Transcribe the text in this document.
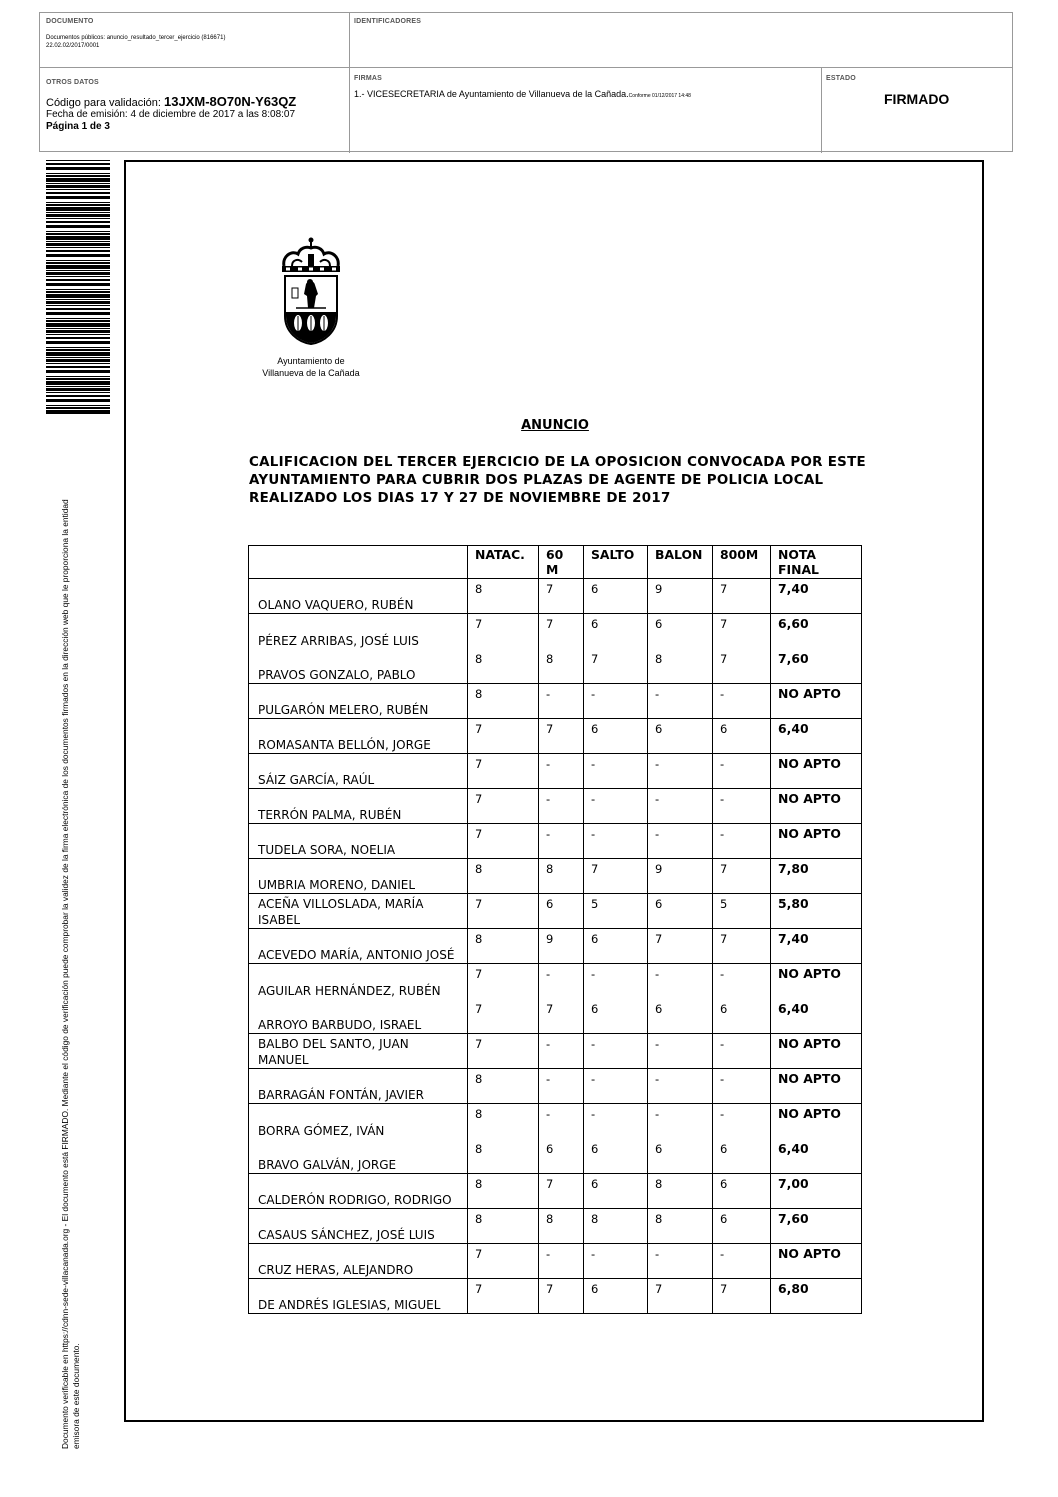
DOCUMENTO
Documentos públicos: anuncio_resultado_tercer_ejercicio (816671)
22.02.02/2017/0001
IDENTIFICADORES
OTROS DATOS
Código para validación: 13JXM-8O70N-Y63QZ
Fecha de emisión: 4 de diciembre de 2017 a las 8:08:07
Página 1 de 3
FIRMAS
1.- VICESECRETARIA de Ayuntamiento de Villanueva de la Cañada.Conforme 01/12/2017 14:48
ESTADO
FIRMADO
Documento verificable en https://cdnn-sede-villacanada.org - El documento está FIRMADO. Mediante el código de verificación puede comprobar la validez de la firma electrónica de los documentos firmados en la dirección web que le proporciona la entidad emisora de este documento.
Ayuntamiento de
Villanueva de la Cañada
ANUNCIO
CALIFICACION DEL TERCER EJERCICIO DE LA OPOSICION CONVOCADA POR ESTE AYUNTAMIENTO PARA CUBRIR DOS PLAZAS DE AGENTE DE POLICIA LOCAL REALIZADO LOS DIAS 17 Y 27 DE NOVIEMBRE DE 2017
	NATAC.	60 M	SALTO	BALON	800M	NOTA FINAL
OLANO VAQUERO, RUBÉN	8	7	6	9	7	7,40
PÉREZ ARRIBAS, JOSÉ LUIS	7	7	6	6	7	6,60
PRAVOS GONZALO, PABLO	8	8	7	8	7	7,60
PULGARÓN MELERO, RUBÉN	8	-	-	-	-	NO APTO
ROMASANTA BELLÓN, JORGE	7	7	6	6	6	6,40
SÁIZ GARCÍA, RAÚL	7	-	-	-	-	NO APTO
TERRÓN PALMA, RUBÉN	7	-	-	-	-	NO APTO
TUDELA SORA, NOELIA	7	-	-	-	-	NO APTO
UMBRIA MORENO, DANIEL	8	8	7	9	7	7,80
ACEÑA VILLOSLADA, MARÍA ISABEL	7	6	5	6	5	5,80
ACEVEDO MARÍA, ANTONIO JOSÉ	8	9	6	7	7	7,40
AGUILAR HERNÁNDEZ, RUBÉN	7	-	-	-	-	NO APTO
ARROYO BARBUDO, ISRAEL	7	7	6	6	6	6,40
BALBO DEL SANTO, JUAN MANUEL	7	-	-	-	-	NO APTO
BARRAGÁN FONTÁN, JAVIER	8	-	-	-	-	NO APTO
BORRA GÓMEZ, IVÁN	8	-	-	-	-	NO APTO
BRAVO GALVÁN, JORGE	8	6	6	6	6	6,40
CALDERÓN RODRIGO, RODRIGO	8	7	6	8	6	7,00
CASAUS SÁNCHEZ, JOSÉ LUIS	8	8	8	8	6	7,60
CRUZ HERAS, ALEJANDRO	7	-	-	-	-	NO APTO
DE ANDRÉS IGLESIAS, MIGUEL	7	7	6	7	7	6,80
